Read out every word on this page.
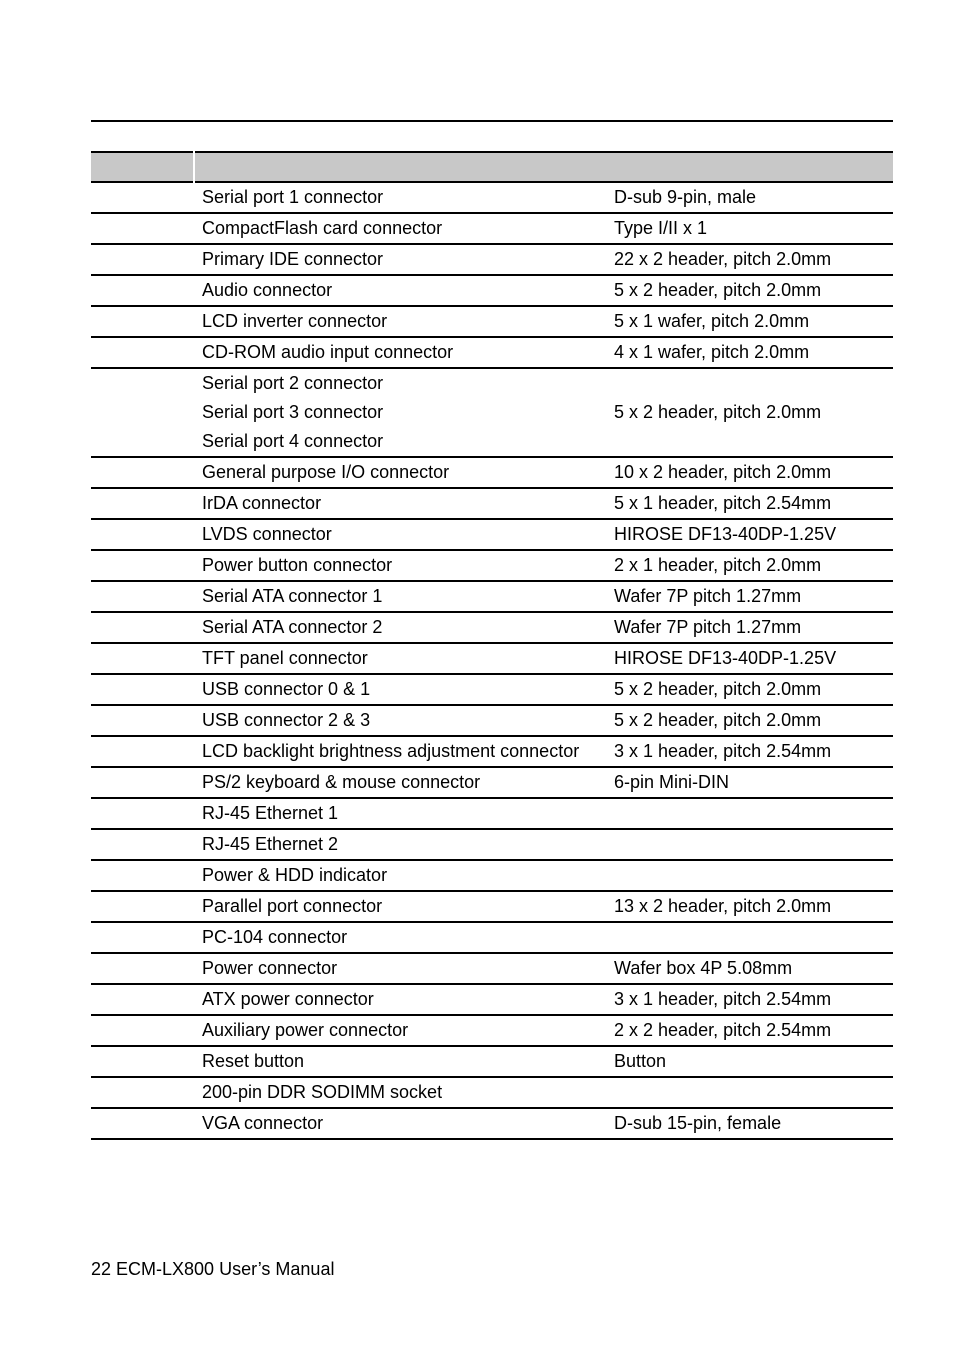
	Serial port 1 connector	D-sub 9-pin, male
	CompactFlash card connector	Type I/II x 1
	Primary IDE connector	22 x 2 header, pitch 2.0mm
	Audio connector	5 x 2 header, pitch 2.0mm
	LCD inverter connector	5 x 1 wafer, pitch 2.0mm
	CD-ROM audio input connector	4 x 1 wafer, pitch 2.0mm

	Serial port 2 connector
Serial port 3 connector
Serial port 4 connector	5 x 2 header, pitch 2.0mm
	General purpose I/O connector	10 x 2 header, pitch 2.0mm
	IrDA connector	5 x 1 header, pitch 2.54mm
	LVDS connector	HIROSE DF13-40DP-1.25V
	Power button connector	2 x 1 header, pitch 2.0mm
	Serial ATA connector 1	Wafer 7P pitch 1.27mm
	Serial ATA connector 2	Wafer 7P pitch 1.27mm
	TFT panel connector	HIROSE DF13-40DP-1.25V
	USB connector 0 & 1	5 x 2 header, pitch 2.0mm
	USB connector 2 & 3	5 x 2 header, pitch 2.0mm
	LCD backlight brightness adjustment connector	3 x 1 header, pitch 2.54mm
	PS/2 keyboard & mouse connector	6-pin Mini-DIN
	RJ-45 Ethernet 1	
	RJ-45 Ethernet 2	
	Power & HDD indicator	
	Parallel port connector	13 x 2 header, pitch 2.0mm
	PC-104 connector	
	Power connector	Wafer box 4P 5.08mm
	ATX power connector	3 x 1 header, pitch 2.54mm
	Auxiliary power connector	2 x 2 header, pitch 2.54mm
	Reset button	Button
	200-pin DDR SODIMM socket	
	VGA connector	D-sub 15-pin, female
22 ECM-LX800 User’s Manual
